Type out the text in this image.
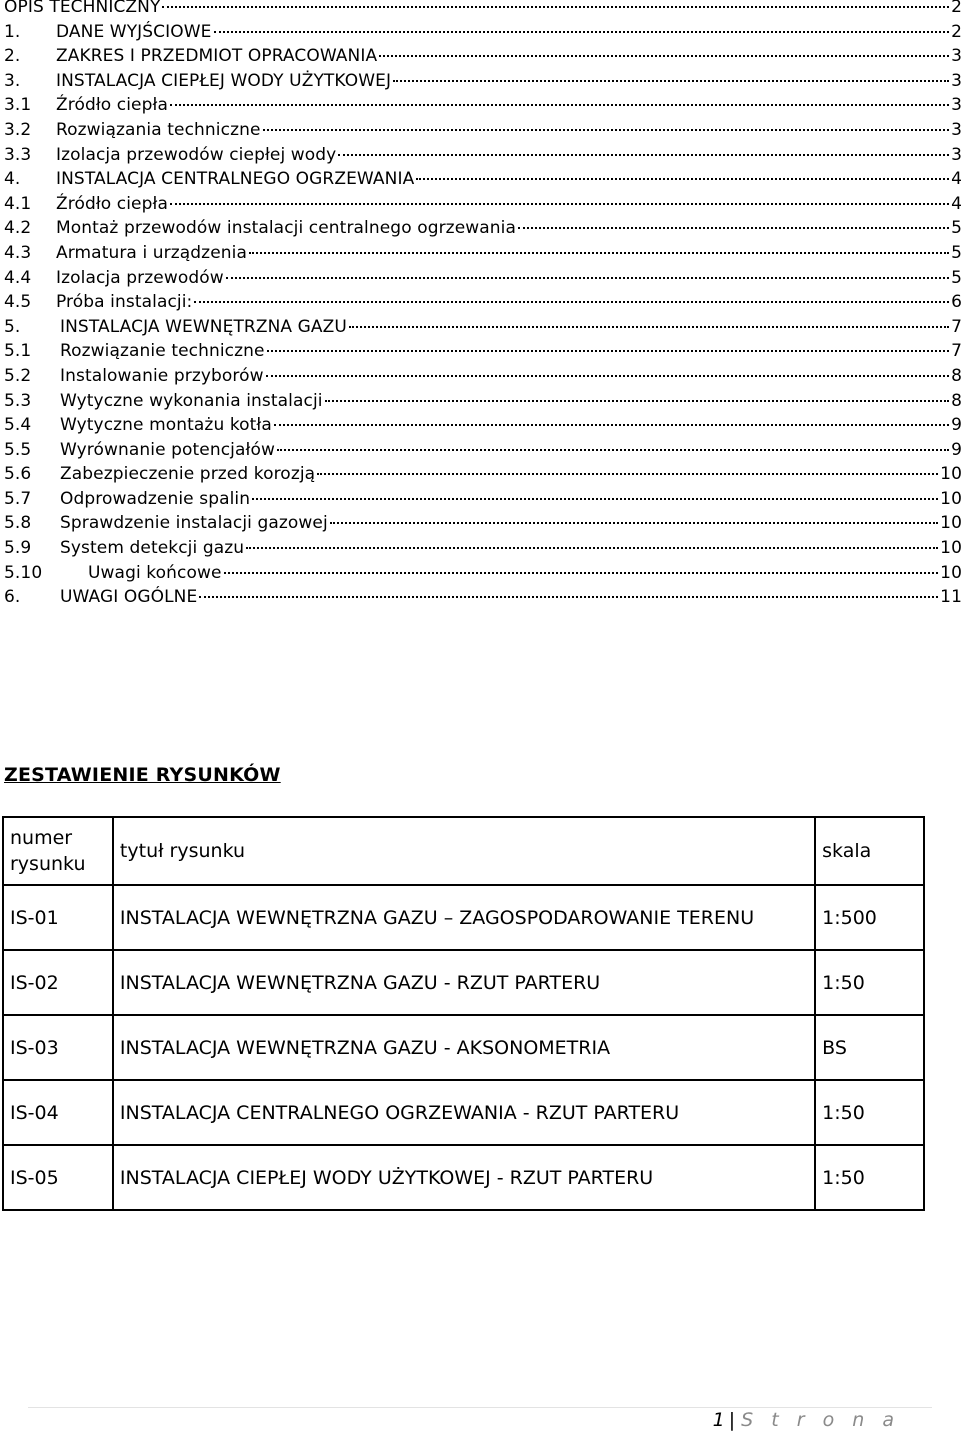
OPIS TECHNICZNY	2
1.	DANE WYJŚCIOWE	2
2.	ZAKRES I PRZEDMIOT OPRACOWANIA	3
3.	INSTALACJA CIEPŁEJ WODY UŻYTKOWEJ	3
3.1	Źródło ciepła	3
3.2	Rozwiązania techniczne	3
3.3	Izolacja przewodów ciepłej wody	3
4.	INSTALACJA CENTRALNEGO OGRZEWANIA	4
4.1	Źródło ciepła	4
4.2	Montaż przewodów instalacji centralnego ogrzewania	5
4.3	Armatura i urządzenia	5
4.4	Izolacja przewodów	5
4.5	Próba instalacji:	6
5.	INSTALACJA WEWNĘTRZNA GAZU	7
5.1	Rozwiązanie techniczne	7
5.2	Instalowanie przyborów	8
5.3	Wytyczne wykonania instalacji	8
5.4	Wytyczne montażu kotła	9
5.5	Wyrównanie potencjałów	9
5.6	Zabezpieczenie przed korozją	10
5.7	Odprowadzenie spalin	10
5.8	Sprawdzenie instalacji gazowej	10
5.9	System detekcji gazu	10
5.10	Uwagi końcowe	10
6.	UWAGI OGÓLNE	11
ZESTAWIENIE RYSUNKÓW
numer rysunku	tytuł rysunku	skala
IS-01	INSTALACJA WEWNĘTRZNA GAZU – ZAGOSPODAROWANIE TERENU	1:500
IS-02	INSTALACJA WEWNĘTRZNA GAZU - RZUT PARTERU	1:50
IS-03	INSTALACJA WEWNĘTRZNA GAZU - AKSONOMETRIA	BS
IS-04	INSTALACJA CENTRALNEGO OGRZEWANIA - RZUT PARTERU	1:50
IS-05	INSTALACJA CIEPŁEJ WODY UŻYTKOWEJ - RZUT PARTERU	1:50
1 | S t r o n a
